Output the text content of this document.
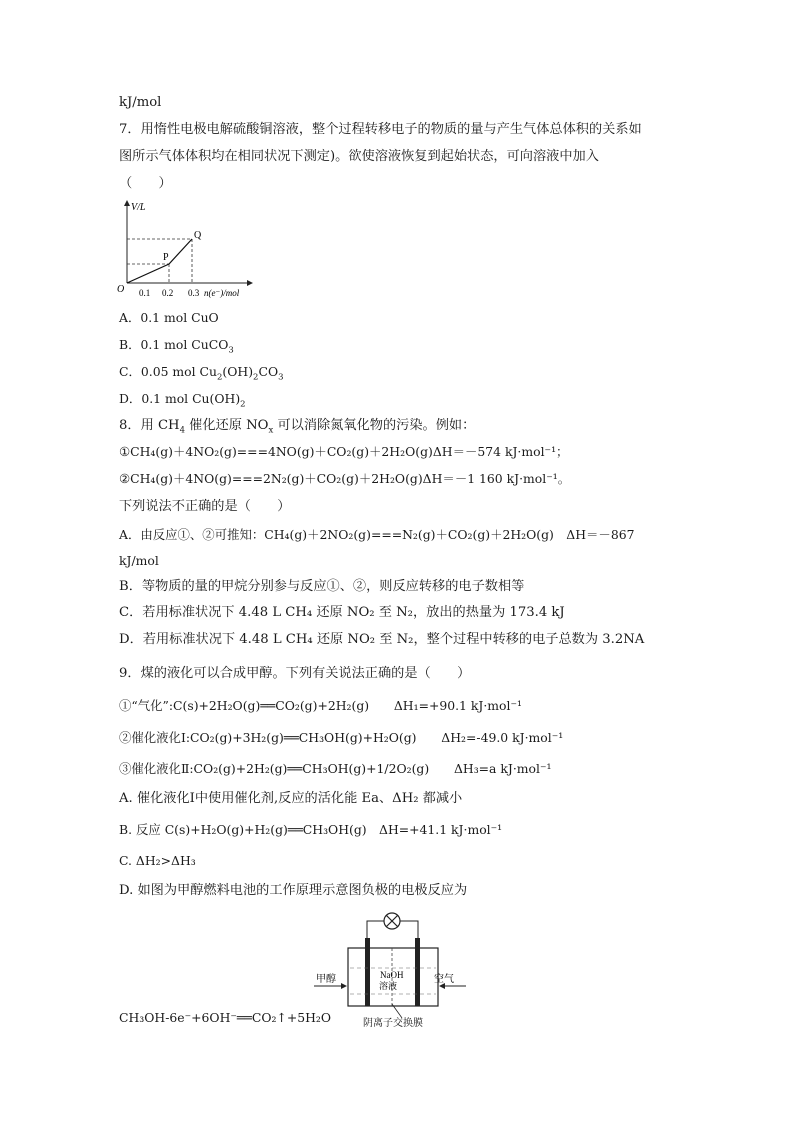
kJ/mol
7．用惰性电极电解硫酸铜溶液，整个过程转移电子的物质的量与产生气体总体积的关系如
图所示气体体积均在相同状况下测定)。欲使溶液恢复到起始状态，可向溶液中加入
（　　）
V/L
O 0.1 0.2 0.3 n(e⁻)/mol
P
Q
A．0.1 mol CuO
B．0.1 mol CuCO$_3$
C．0.05 mol $Cu_2(OH)_2CO_3$
D．0.1 mol $Cu(OH)_2$
8．用 $CH_4$ 催化还原 $NO_x$ 可以消除氮氧化物的污染。例如：
①CH₄(g)＋4NO₂(g)===4NO(g)＋CO₂(g)＋2H₂O(g)ΔH＝－574 kJ·mol⁻¹；
②CH₄(g)＋4NO(g)===2N₂(g)＋CO₂(g)＋2H₂O(g)ΔH＝－1 160 kJ·mol⁻¹。
下列说法不正确的是（　　）
A．由反应①、②可推知：CH₄(g)＋2NO₂(g)===N₂(g)＋CO₂(g)＋2H₂O(g)　ΔH＝－867
kJ/mol
B．等物质的量的甲烷分别参与反应①、②，则反应转移的电子数相等
C．若用标准状况下 4.48 L CH₄ 还原 NO₂ 至 N₂，放出的热量为 173.4 kJ
D．若用标准状况下 4.48 L CH₄ 还原 NO₂ 至 N₂，整个过程中转移的电子总数为 3.2NA
9．煤的液化可以合成甲醇。下列有关说法正确的是（　　）
①“气化”:C(s)+2H₂O(g)══CO₂(g)+2H₂(g)　　ΔH₁=+90.1 kJ·mol⁻¹
②催化液化Ⅰ:CO₂(g)+3H₂(g)══CH₃OH(g)+H₂O(g)　　ΔH₂=-49.0 kJ·mol⁻¹
③催化液化Ⅱ:CO₂(g)+2H₂(g)══CH₃OH(g)+1/2O₂(g)　　ΔH₃=a kJ·mol⁻¹
A. 催化液化Ⅰ中使用催化剂,反应的活化能 Ea、ΔH₂ 都减小
B. 反应 C(s)+H₂O(g)+H₂(g)══CH₃OH(g)　ΔH=+41.1 kJ·mol⁻¹
C. ΔH₂>ΔH₃
D. 如图为甲醇燃料电池的工作原理示意图负极的电极反应为
甲醇	空气
NaOH
溶液
CH₃OH-6e⁻+6OH⁻══CO₂↑+5H₂O	阴离子交换膜
